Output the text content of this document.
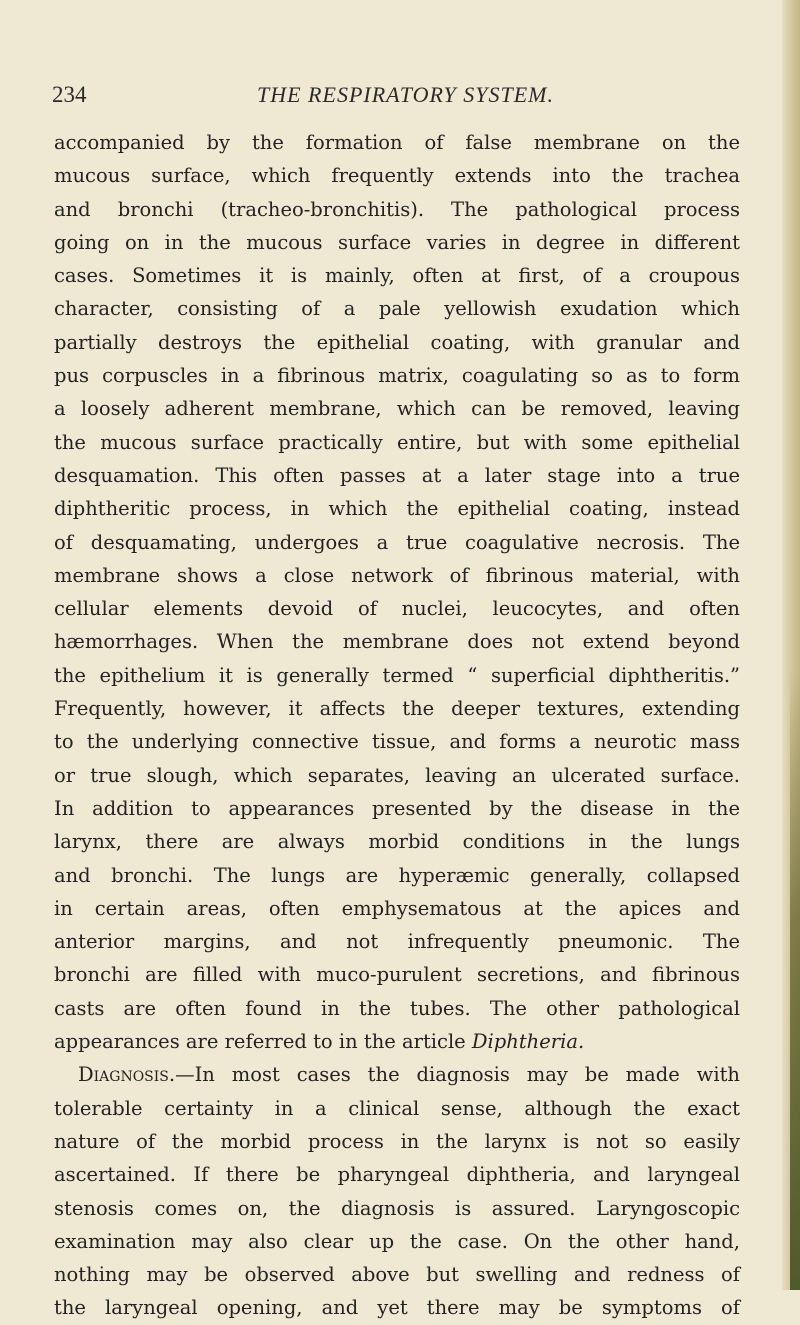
234	THE RESPIRATORY SYSTEM.
accompanied by the formation of false membrane on the
mucous surface, which frequently extends into the trachea
and bronchi (tracheo-bronchitis). The pathological process
going on in the mucous surface varies in degree in different
cases. Sometimes it is mainly, often at first, of a croupous
character, consisting of a pale yellowish exudation which
partially destroys the epithelial coating, with granular and
pus corpuscles in a fibrinous matrix, coagulating so as to form
a loosely adherent membrane, which can be removed, leaving
the mucous surface practically entire, but with some epithelial
desquamation. This often passes at a later stage into a true
diphtheritic process, in which the epithelial coating, instead
of desquamating, undergoes a true coagulative necrosis. The
membrane shows a close network of fibrinous material, with
cellular elements devoid of nuclei, leucocytes, and often
hæmorrhages. When the membrane does not extend beyond
the epithelium it is generally termed “ superficial diphtheritis.”
Frequently, however, it affects the deeper textures, extending
to the underlying connective tissue, and forms a neurotic mass
or true slough, which separates, leaving an ulcerated surface.
In addition to appearances presented by the disease in the
larynx, there are always morbid conditions in the lungs
and bronchi. The lungs are hyperæmic generally, collapsed
in certain areas, often emphysematous at the apices and
anterior margins, and not infrequently pneumonic. The
bronchi are filled with muco-purulent secretions, and fibrinous
casts are often found in the tubes. The other pathological
appearances are referred to in the article Diphtheria.
Diagnosis.—In most cases the diagnosis may be made with
tolerable certainty in a clinical sense, although the exact
nature of the morbid process in the larynx is not so easily
ascertained. If there be pharyngeal diphtheria, and laryngeal
stenosis comes on, the diagnosis is assured. Laryngoscopic
examination may also clear up the case. On the other hand,
nothing may be observed above but swelling and redness of
the laryngeal opening, and yet there may be symptoms of
